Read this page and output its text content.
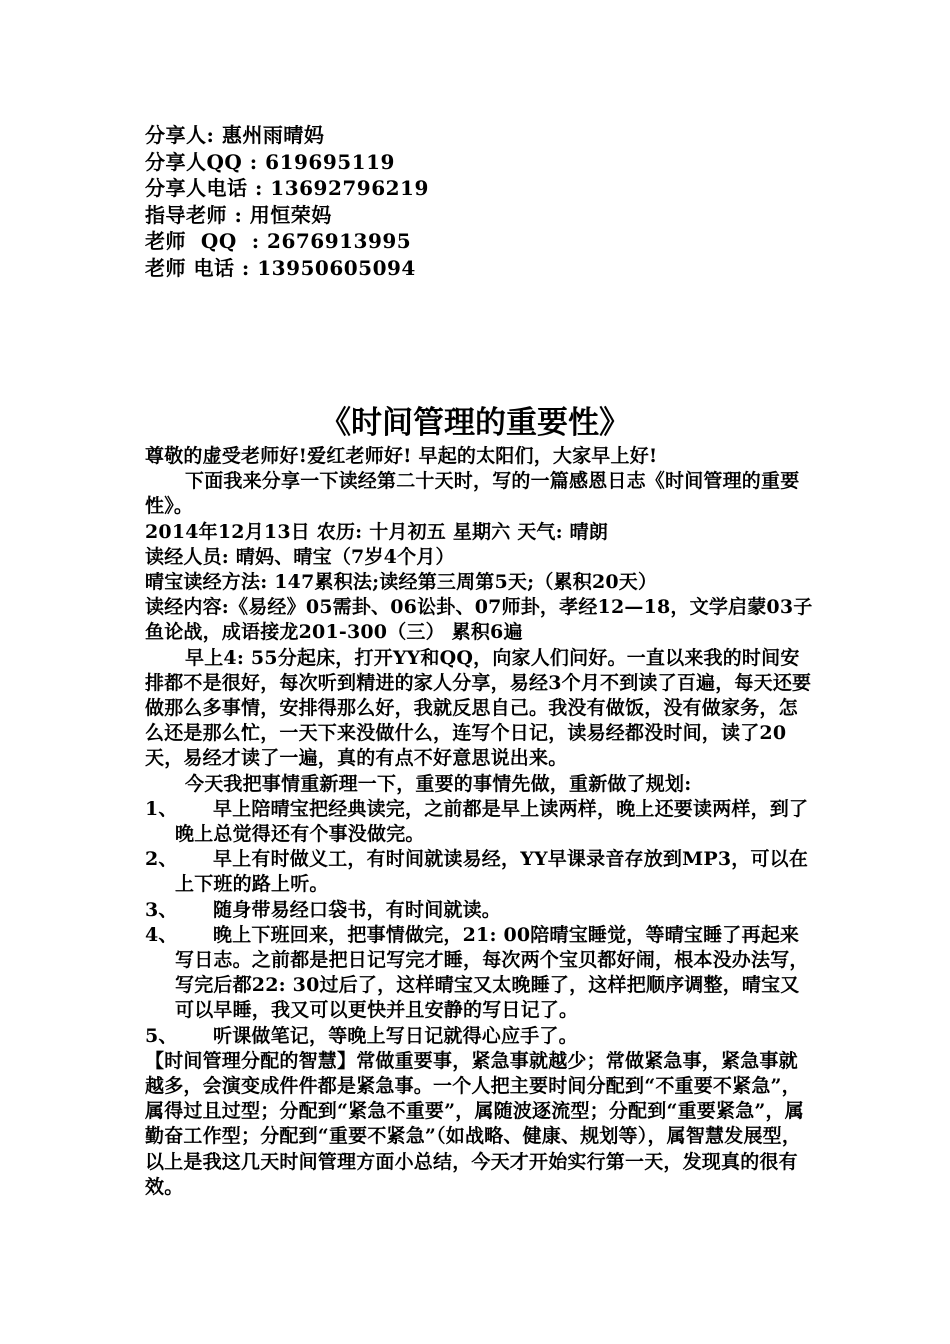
分享人: 惠州雨晴妈
分享人QQ : 619695119
分享人电话 : 13692796219
指导老师 : 用恒荣妈
老师  QQ  : 2676913995
老师 电话 : 13950605094
《时间管理的重要性》

尊敬的虚受老师好!爱红老师好! 早起的太阳们，大家早上好!

下面我来分享一下读经第二十天时，写的一篇感恩日志《时间管理的重要性》。

2014年12月13日 农历: 十月初五 星期六 天气: 晴朗

读经人员: 晴妈、晴宝（7岁4个月）

晴宝读经方法: 147累积法;读经第三周第5天;（累积20天）

读经内容:《易经》05需卦、06讼卦、07师卦，孝经12—18，文学启蒙03子鱼论战，成语接龙201-300（三） 累积6遍

早上4: 55分起床，打开YY和QQ，向家人们问好。一直以来我的时间安排都不是很好，每次听到精进的家人分享，易经3个月不到读了百遍，每天还要做那么多事情，安排得那么好，我就反思自己。我没有做饭，没有做家务，怎么还是那么忙，一天下来没做什么，连写个日记，读易经都没时间，读了20天，易经才读了一遍，真的有点不好意思说出来。

今天我把事情重新理一下，重要的事情先做，重新做了规划:

1、 早上陪晴宝把经典读完，之前都是早上读两样，晚上还要读两样，到了晚上总觉得还有个事没做完。

2、 早上有时做义工，有时间就读易经，YY早课录音存放到MP3，可以在上下班的路上听。

3、 随身带易经口袋书，有时间就读。

4、 晚上下班回来，把事情做完，21: 00陪晴宝睡觉，等晴宝睡了再起来写日志。之前都是把日记写完才睡，每次两个宝贝都好闹，根本没办法写，写完后都22: 30过后了，这样晴宝又太晚睡了，这样把顺序调整，晴宝又可以早睡，我又可以更快并且安静的写日记了。

5、 听课做笔记，等晚上写日记就得心应手了。

【时间管理分配的智慧】常做重要事，紧急事就越少；常做紧急事，紧急事就越多，会演变成件件都是紧急事。一个人把主要时间分配到“不重要不紧急”，属得过且过型；分配到“紧急不重要”，属随波逐流型；分配到“重要紧急”，属勤奋工作型；分配到“重要不紧急”（如战略、健康、规划等），属智慧发展型， 以上是我这几天时间管理方面小总结，今天才开始实行第一天，发现真的很有效。
